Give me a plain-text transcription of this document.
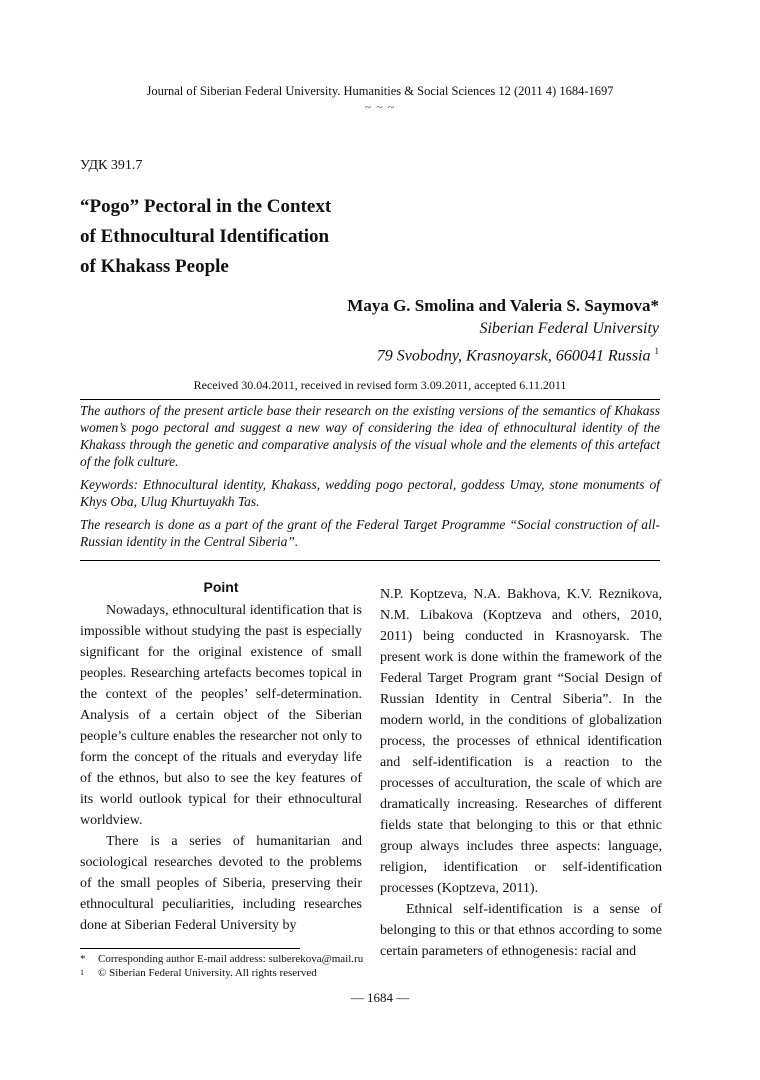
Journal of Siberian Federal University. Humanities & Social Sciences 12 (2011 4) 1684-1697
~ ~ ~
УДК 391.7
“Pogo” Pectoral in the Context
of Ethnocultural Identification
of Khakass People
Maya G. Smolina and Valeria S. Saymova*
Siberian Federal University
79 Svobodny, Krasnoyarsk, 660041 Russia $^1$
Received 30.04.2011, received in revised form 3.09.2011, accepted 6.11.2011

The authors of the present article base their research on the existing versions of the semantics of Khakass women’s pogo pectoral and suggest a new way of considering the idea of ethnocultural identity of the Khakass through the genetic and comparative analysis of the visual whole and the elements of this artefact of the folk culture.

Keywords: Ethnocultural identity, Khakass, wedding pogo pectoral, goddess Umay, stone monuments of Khys Oba, Ulug Khurtuyakh Tas.

The research is done as a part of the grant of the Federal Target Programme “Social construction of all-Russian identity in the Central Siberia”.

Point

Nowadays, ethnocultural identification that is impossible without studying the past is especially significant for the original existence of small peoples. Researching artefacts becomes topical in the context of the peoples’ self-determination. Analysis of a certain object of the Siberian people’s culture enables the researcher not only to form the concept of the rituals and everyday life of the ethnos, but also to see the key features of its world outlook typical for their ethnocultural worldview.

There is a series of humanitarian and sociological researches devoted to the problems of the small peoples of Siberia, preserving their ethnocultural peculiarities, including researches done at Siberian Federal University by

N.P. Koptzeva, N.A. Bakhova, K.V. Reznikova, N.M. Libakova (Koptzeva and others, 2010, 2011) being conducted in Krasnoyarsk. The present work is done within the framework of the Federal Target Program grant “Social Design of Russian Identity in Central Siberia”. In the modern world, in the conditions of globalization process, the processes of ethnical identification and self-identification is a reaction to the processes of acculturation, the scale of which are dramatically increasing. Researches of different fields state that belonging to this or that ethnic group always includes three aspects: language, religion, identification or self-identification processes (Koptzeva, 2011).

Ethnical self-identification is a sense of belonging to this or that ethnos according to some certain parameters of ethnogenesis: racial and

* Corresponding author E-mail address: sulberekova@mail.ru
1 © Siberian Federal University. All rights reserved
— 1684 —
